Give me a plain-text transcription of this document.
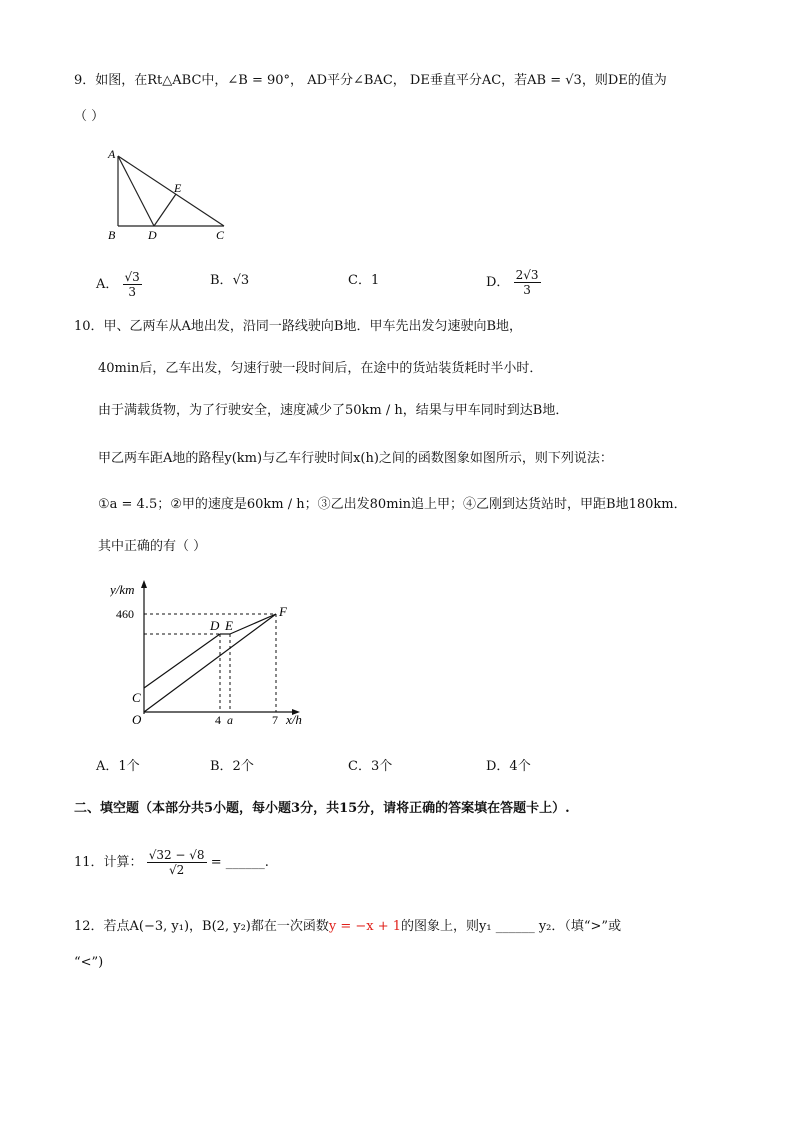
9．如图，在Rt△ABC中，∠B = 90°， AD平分∠BAC， DE垂直平分AC，若AB = √3，则DE的值为
（ ）
A
B	D	C
E
A． $\frac{√3}{3}$	B．√3	C．1	D． $\frac{2√3}{3}$
10．甲、乙两车从A地出发，沿同一路线驶向B地．甲车先出发匀速驶向B地，
40min后，乙车出发，匀速行驶一段时间后，在途中的货站装货耗时半小时．
由于满载货物，为了行驶安全，速度减少了50km / h，结果与甲车同时到达B地．
甲乙两车距A地的路程y(km)与乙车行驶时间x(h)之间的函数图象如图所示，则下列说法：
①a = 4.5；②甲的速度是60km / h；③乙出发80min追上甲；④乙刚到达货站时，甲距B地180km．
其中正确的有（ ）
y/km
460
O
C
D E
F
4 a	7 x/h
A．1个	B．2个	C．3个	D．4个
二、填空题（本部分共5小题，每小题3分，共15分，请将正确的答案填在答题卡上）.
11．计算： $\frac{√32 - √8}{√2}$ = ______.
12．若点A(−3, y₁)，B(2, y₂)都在一次函数y = −x + 1的图象上，则y₁ ______ y₂．（填“>”或
“<”)
